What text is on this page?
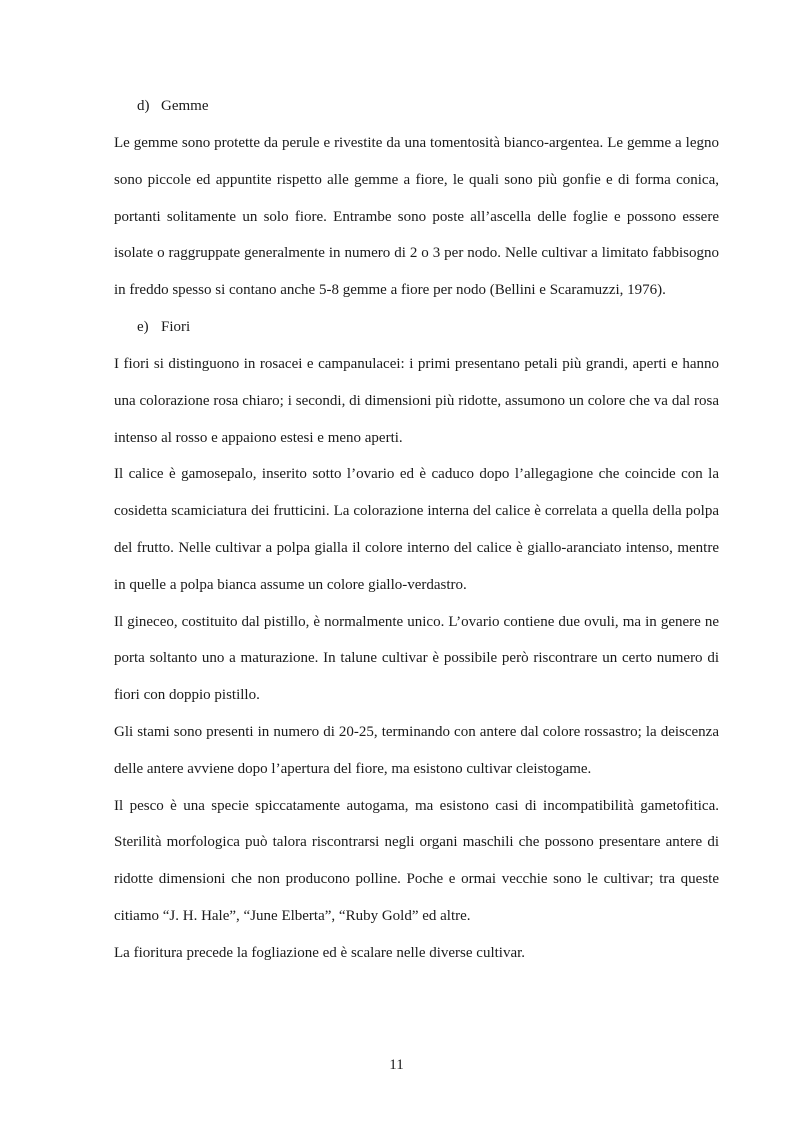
d) Gemme

Le gemme sono protette da perule e rivestite da una tomentosità bianco-argentea. Le gemme a legno sono piccole ed appuntite rispetto alle gemme a fiore, le quali sono più gonfie e di forma conica, portanti solitamente un solo fiore. Entrambe sono poste all’ascella delle foglie e possono essere isolate o raggruppate generalmente in numero di 2 o 3 per nodo. Nelle cultivar a limitato fabbisogno in freddo spesso si contano anche 5-8 gemme a fiore per nodo (Bellini e Scaramuzzi, 1976).

e) Fiori

I fiori si distinguono in rosacei e campanulacei: i primi presentano petali più grandi, aperti e hanno una colorazione rosa chiaro; i secondi, di dimensioni più ridotte, assumono un colore che va dal rosa intenso al rosso e appaiono estesi e meno aperti.

Il calice è gamosepalo, inserito sotto l’ovario ed è caduco dopo l’allegagione che coincide con la cosidetta scamiciatura dei frutticini. La colorazione interna del calice è correlata a quella della polpa del frutto. Nelle cultivar a polpa gialla il colore interno del calice è giallo-aranciato intenso, mentre in quelle a polpa bianca assume un colore giallo-verdastro.

Il gineceo, costituito dal pistillo, è normalmente unico. L’ovario contiene due ovuli, ma in genere ne porta soltanto uno a maturazione. In talune cultivar è possibile però riscontrare un certo numero di fiori con doppio pistillo.

Gli stami sono presenti in numero di 20-25, terminando con antere dal colore rossastro; la deiscenza delle antere avviene dopo l’apertura del fiore, ma esistono cultivar cleistogame.

Il pesco è una specie spiccatamente autogama, ma esistono casi di incompatibilità gametofitica. Sterilità morfologica può talora riscontrarsi negli organi maschili che possono presentare antere di ridotte dimensioni che non producono polline. Poche e ormai vecchie sono le cultivar; tra queste citiamo “J. H. Hale”, “June Elberta”, “Ruby Gold” ed altre.

La fioritura precede la fogliazione ed è scalare nelle diverse cultivar.

11
